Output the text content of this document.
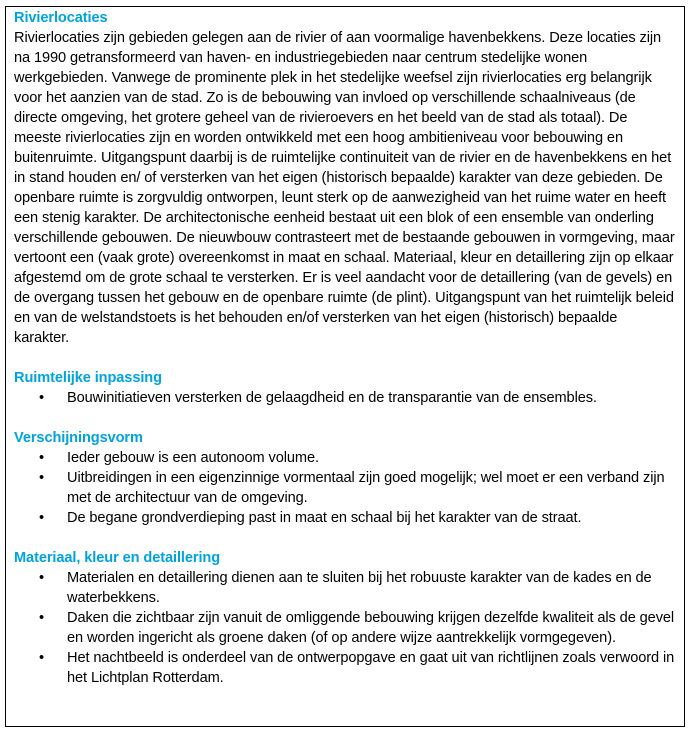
Rivierlocaties

Rivierlocaties zijn gebieden gelegen aan de rivier of aan voormalige havenbekkens. Deze locaties zijn na 1990 getransformeerd van haven- en industriegebieden naar centrum stedelijke wonen werkgebieden. Vanwege de prominente plek in het stedelijke weefsel zijn rivierlocaties erg belangrijk voor het aanzien van de stad. Zo is de bebouwing van invloed op verschillende schaalniveaus (de directe omgeving, het grotere geheel van de rivieroevers en het beeld van de stad als totaal). De meeste rivierlocaties zijn en worden ontwikkeld met een hoog ambitieniveau voor bebouwing en buitenruimte. Uitgangspunt daarbij is de ruimtelijke continuiteit van de rivier en de havenbekkens en het in stand houden en/ of versterken van het eigen (historisch bepaalde) karakter van deze gebieden. De openbare ruimte is zorgvuldig ontworpen, leunt sterk op de aanwezigheid van het ruime water en heeft een stenig karakter. De architectonische eenheid bestaat uit een blok of een ensemble van onderling verschillende gebouwen. De nieuwbouw contrasteert met de bestaande gebouwen in vormgeving, maar vertoont een (vaak grote) overeenkomst in maat en schaal. Materiaal, kleur en detaillering zijn op elkaar afgestemd om de grote schaal te versterken. Er is veel aandacht voor de detaillering (van de gevels) en de overgang tussen het gebouw en de openbare ruimte (de plint). Uitgangspunt van het ruimtelijk beleid en van de welstandstoets is het behouden en/of versterken van het eigen (historisch) bepaalde karakter.

Ruimtelijke inpassing
• Bouwinitiatieven versterken de gelaagdheid en de transparantie van de ensembles.
Verschijningsvorm
• Ieder gebouw is een autonoom volume.
• Uitbreidingen in een eigenzinnige vormentaal zijn goed mogelijk; wel moet er een verband zijn met de architectuur van de omgeving.
• De begane grondverdieping past in maat en schaal bij het karakter van de straat.
Materiaal, kleur en detaillering
• Materialen en detaillering dienen aan te sluiten bij het robuuste karakter van de kades en de waterbekkens.
• Daken die zichtbaar zijn vanuit de omliggende bebouwing krijgen dezelfde kwaliteit als de gevel en worden ingericht als groene daken (of op andere wijze aantrekkelijk vormgegeven).
• Het nachtbeeld is onderdeel van de ontwerpopgave en gaat uit van richtlijnen zoals verwoord in het Lichtplan Rotterdam.
